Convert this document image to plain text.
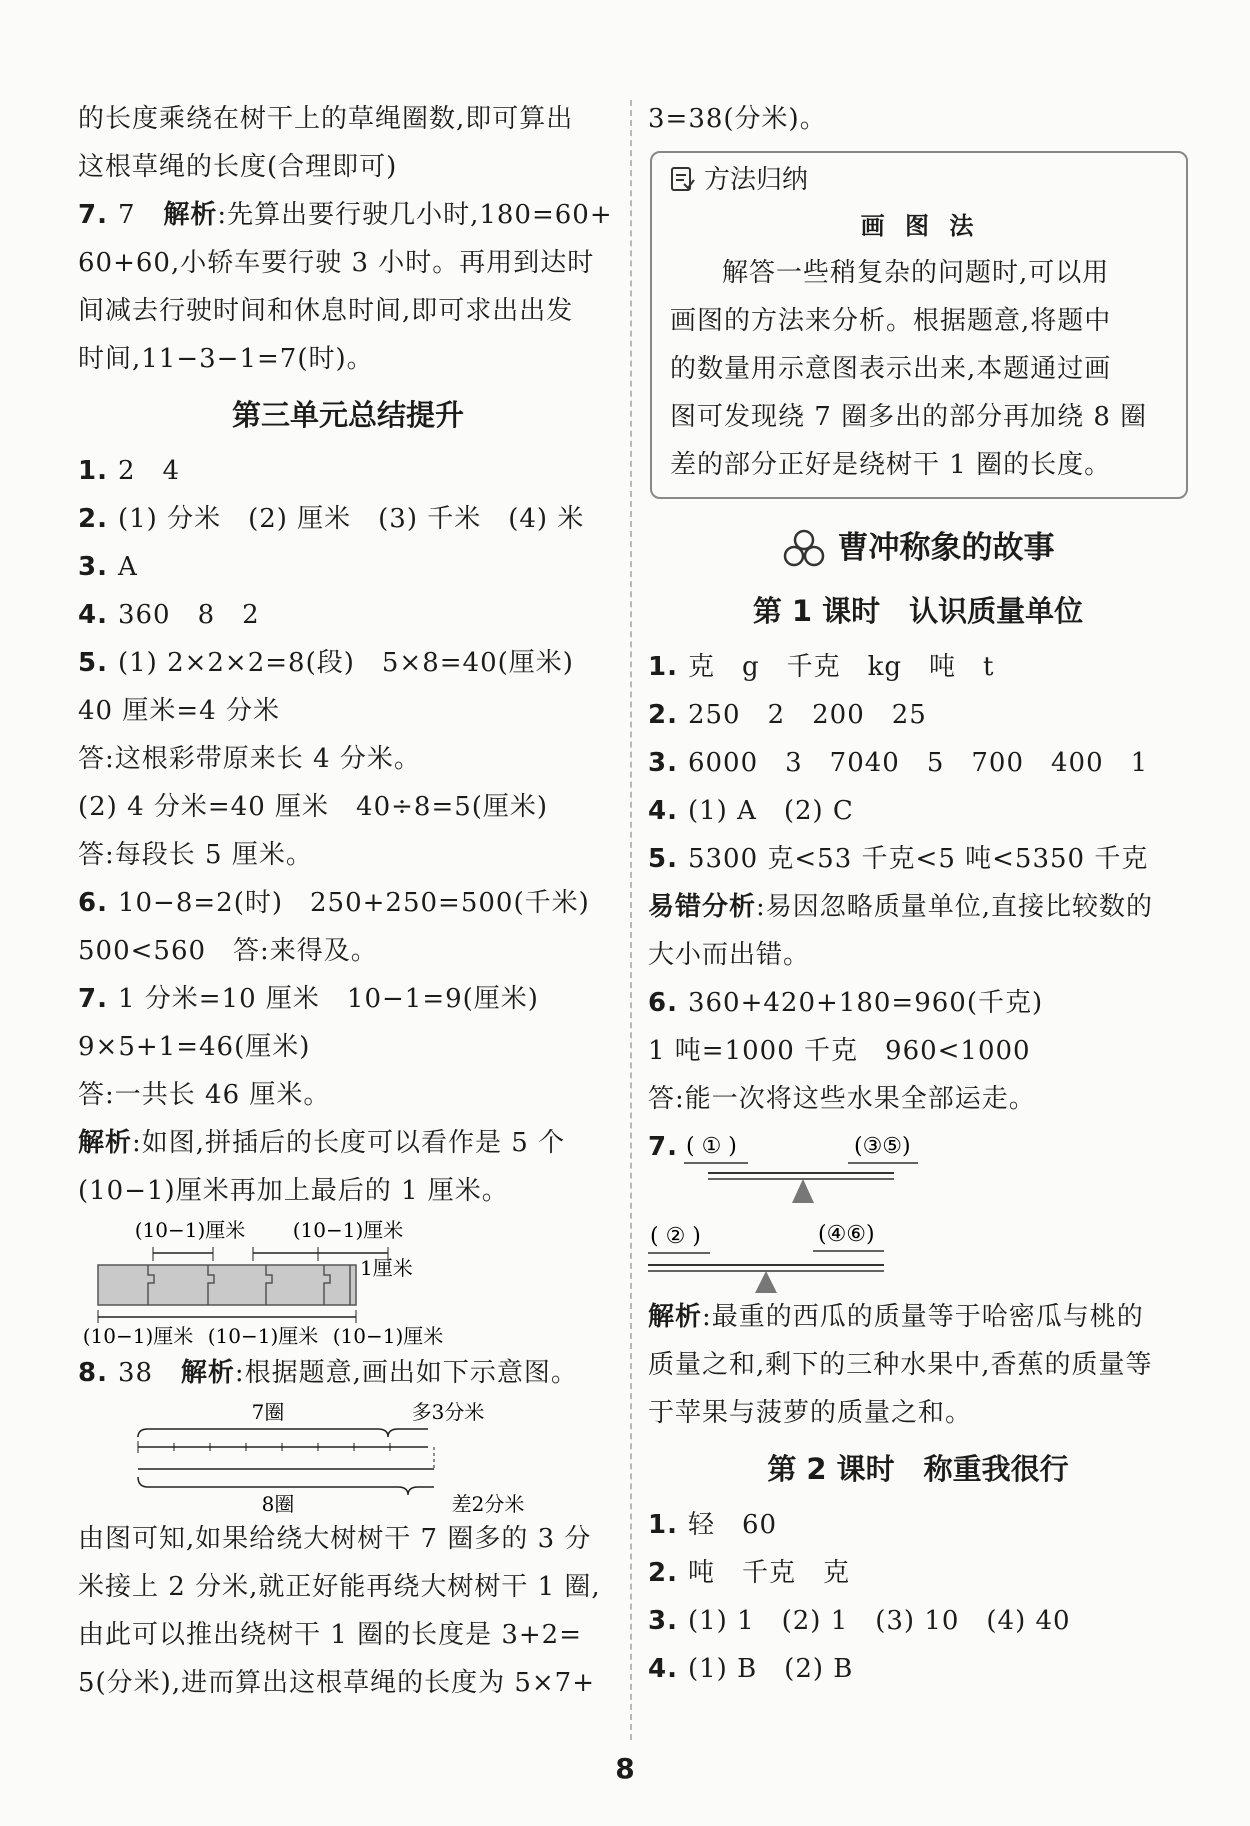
的长度乘绕在树干上的草绳圈数,即可算出

这根草绳的长度(合理即可)

7. 7 解析:先算出要行驶几小时,180=60+

60+60,小轿车要行驶 3 小时。再用到达时

间减去行驶时间和休息时间,即可求出出发

时间,11−3−1=7(时)。

第三单元总结提升

1. 2　4

2. (1) 分米　(2) 厘米　(3) 千米　(4) 米

3. A

4. 360　8　2

5. (1) 2×2×2=8(段)　5×8=40(厘米)

40 厘米=4 分米

答:这根彩带原来长 4 分米。

(2) 4 分米=40 厘米　40÷8=5(厘米)

答:每段长 5 厘米。

6. 10−8=2(时)　250+250=500(千米)

500<560　答:来得及。

7. 1 分米=10 厘米　10−1=9(厘米)

9×5+1=46(厘米)

答:一共长 46 厘米。

解析:如图,拼插后的长度可以看作是 5 个

(10−1)厘米再加上最后的 1 厘米。

(10−1)厘米 (10−1)厘米
1厘米
(10−1)厘米 (10−1)厘米 (10−1)厘米

8. 38 解析:根据题意,画出如下示意图。

7圈	多3分米
8圈	差2分米

由图可知,如果给绕大树树干 7 圈多的 3 分

米接上 2 分米,就正好能再绕大树树干 1 圈,

由此可以推出绕树干 1 圈的长度是 3+2=

5(分米),进而算出这根草绳的长度为 5×7+

3=38(分米)。

方法归纳
画 图 法

解答一些稍复杂的问题时,可以用

画图的方法来分析。根据题意,将题中

的数量用示意图表示出来,本题通过画

图可发现绕 7 圈多出的部分再加绕 8 圈

差的部分正好是绕树干 1 圈的长度。

曹冲称象的故事
第 1 课时　认识质量单位

1. 克　g　千克　kg　吨　t

2. 250　2　200　25

3. 6000　3　7040　5　700　400　1

4. (1) A　(2) C

5. 5300 克<53 千克<5 吨<5350 千克

易错分析:易因忽略质量单位,直接比较数的

大小而出错。

6. 360+420+180=960(千克)

1 吨=1000 千克　960<1000

答:能一次将这些水果全部运走。

7. ( ① )	(③⑤)
( ② )	(④⑥)

解析:最重的西瓜的质量等于哈密瓜与桃的

质量之和,剩下的三种水果中,香蕉的质量等

于苹果与菠萝的质量之和。

第 2 课时　称重我很行

1. 轻　60

2. 吨　千克　克

3. (1) 1　(2) 1　(3) 10　(4) 40

4. (1) B　(2) B

8
